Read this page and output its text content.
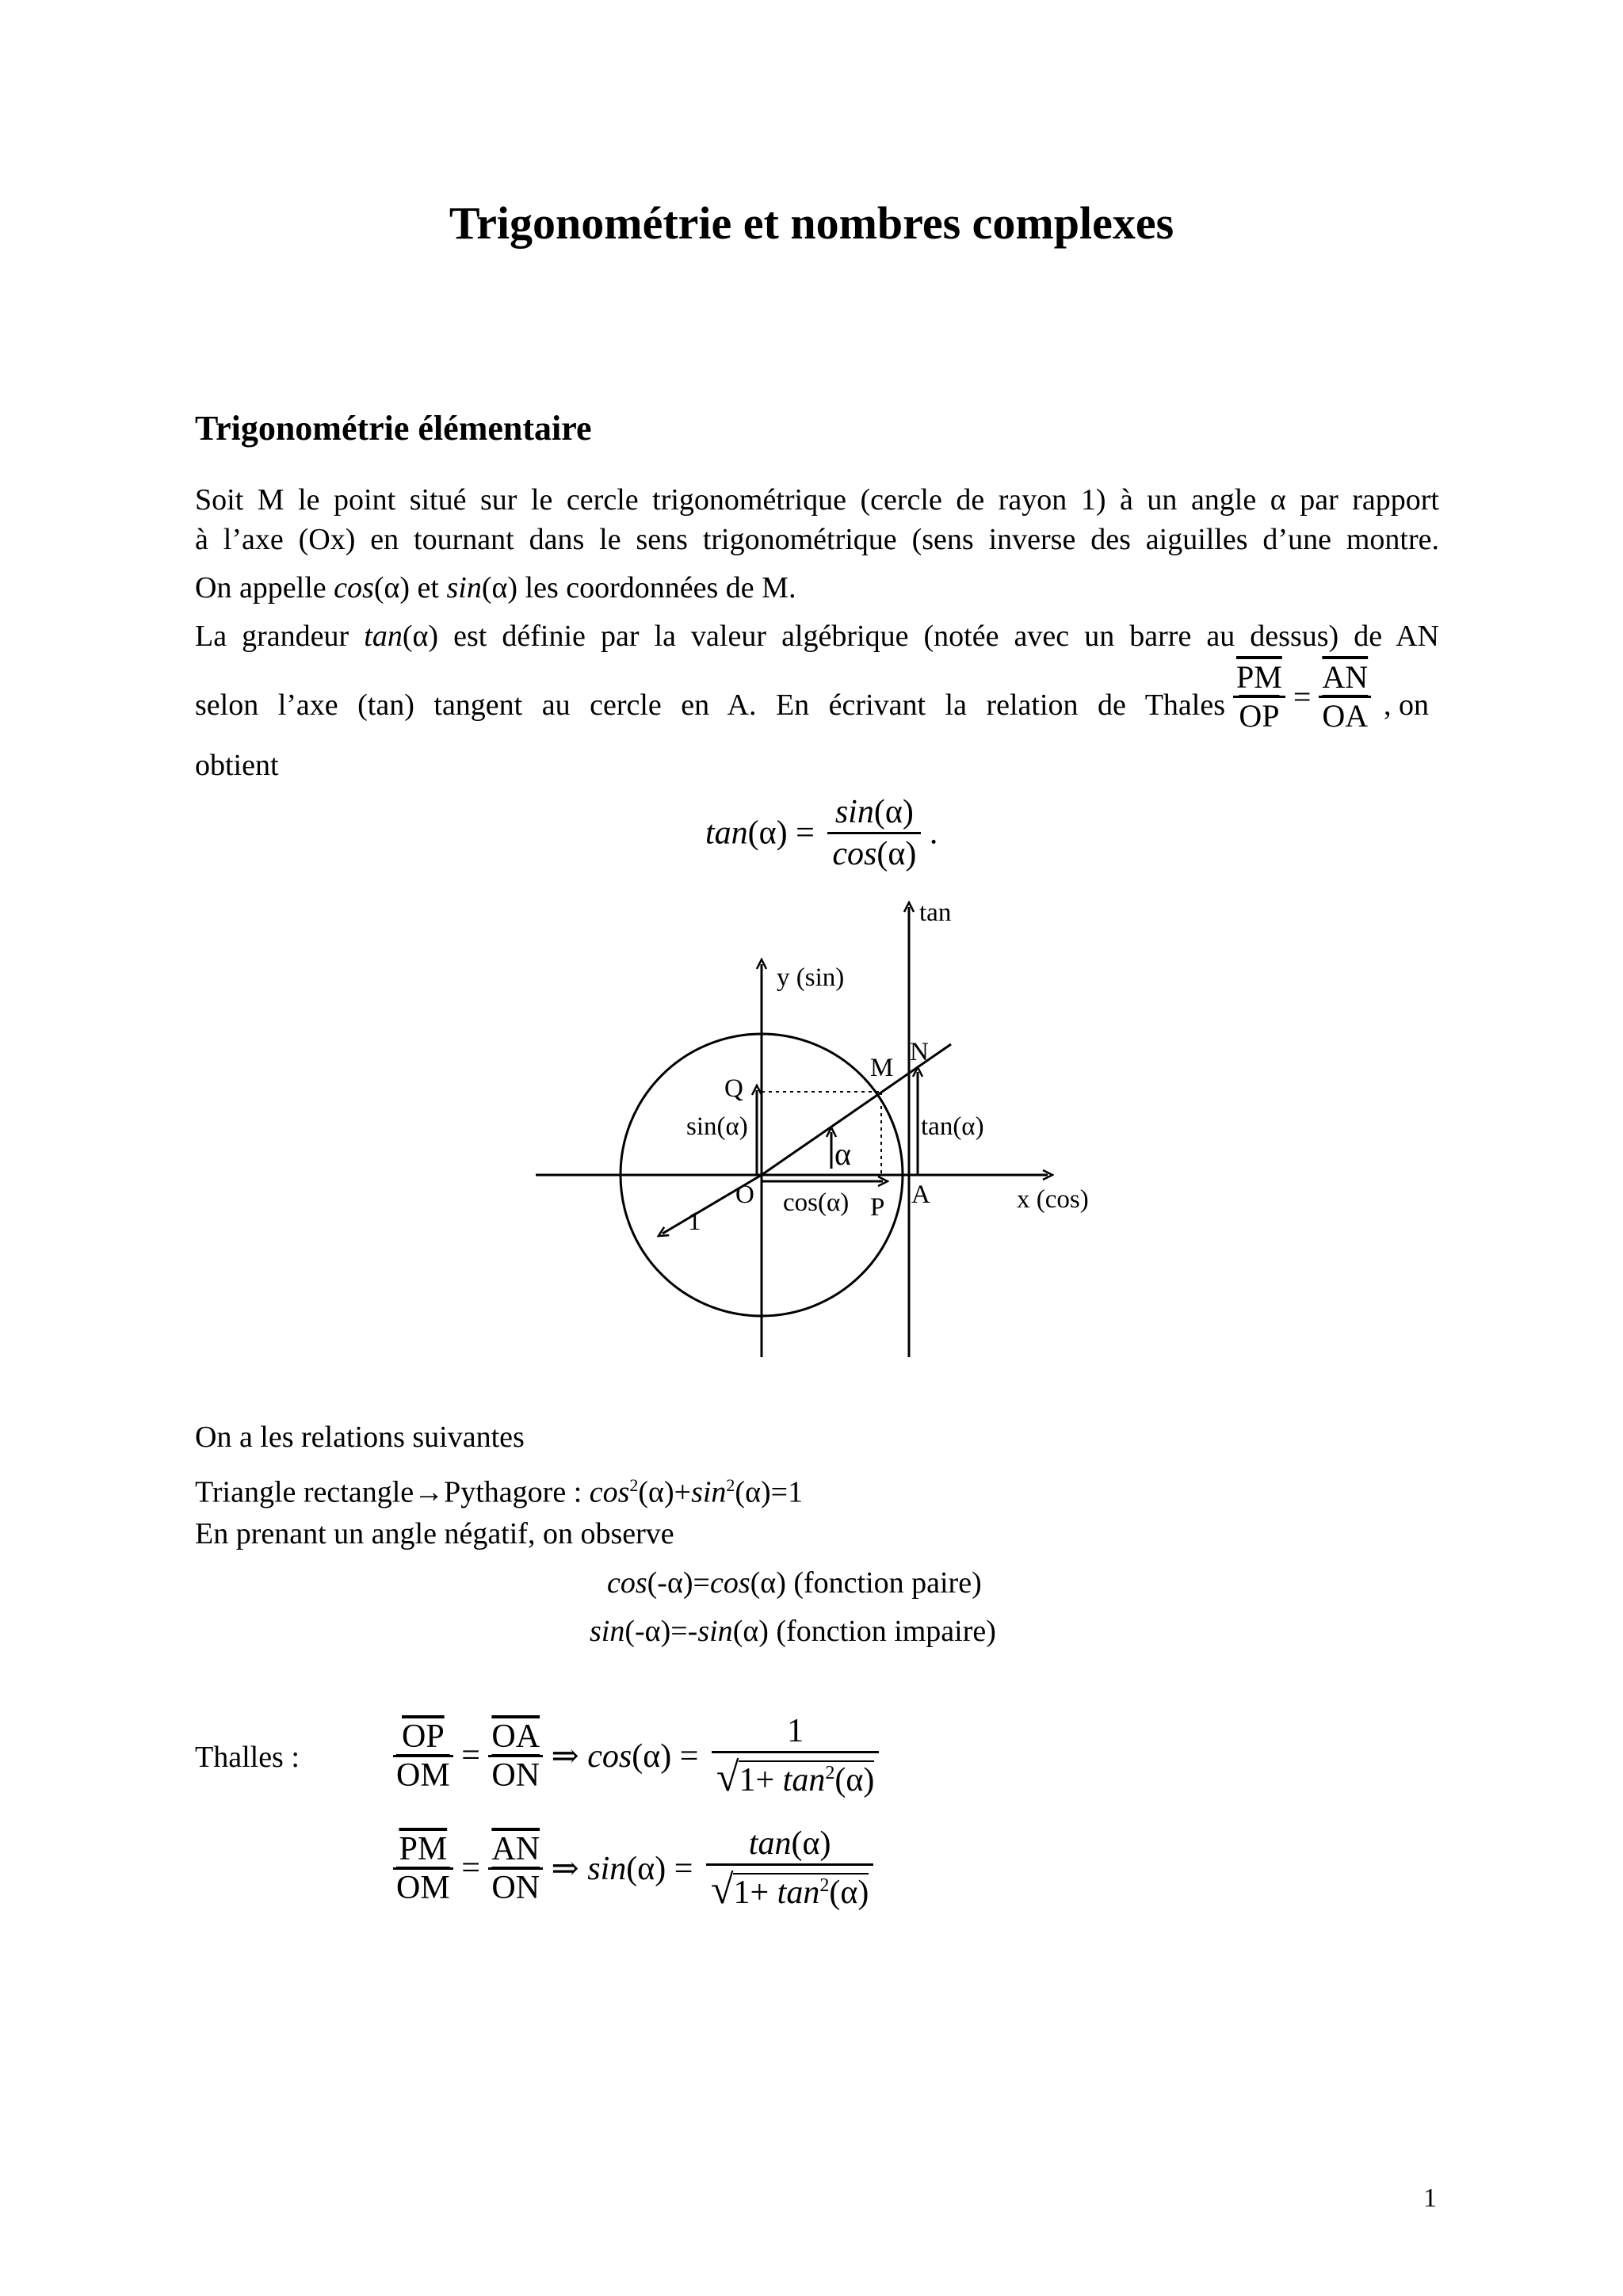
Trigonométrie et nombres complexes
Trigonométrie élémentaire
Soit M le point situé sur le cercle trigonométrique (cercle de rayon 1) à un angle α par rapport
à l’axe (Ox) en tournant dans le sens trigonométrique (sens inverse des aiguilles d’une montre.
On appelle cos(α) et sin(α) les coordonnées de M.
La grandeur tan(α) est définie par la valeur algébrique (notée avec un barre au dessus) de AN
selon l’axe (tan) tangent au cercle en A. En écrivant la relation de Thales $\frac{\overline{PM}}{OP} = \frac{\overline{AN}}{OA}$ , on
obtient
$\tan(\alpha) = \frac{\sin(\alpha)}{\cos(\alpha)}$ .
tan
y (sin)
x (cos)
M
N
Q
sin(α)	tan(α)
α
O cos(α) P A
1
On a les relations suivantes
Triangle rectangle→Pythagore : $\cos^2(\alpha)+\sin^2(\alpha)=1$
En prenant un angle négatif, on observe
cos(-α)=cos(α) (fonction paire)
sin(-α)=-sin(α) (fonction impaire)
Thalles :	$\frac{\overline{OP}}{OM} = \frac{\overline{OA}}{ON}$ ⇒ $\cos(\alpha) = \frac{1}{√1+ \tan^2(\alpha)}$
$\frac{\overline{PM}}{OM} = \frac{\overline{AN}}{ON}$ ⇒ $\sin(\alpha) = \frac{\tan(\alpha)}{√1+ \tan^2(\alpha)}$
1
